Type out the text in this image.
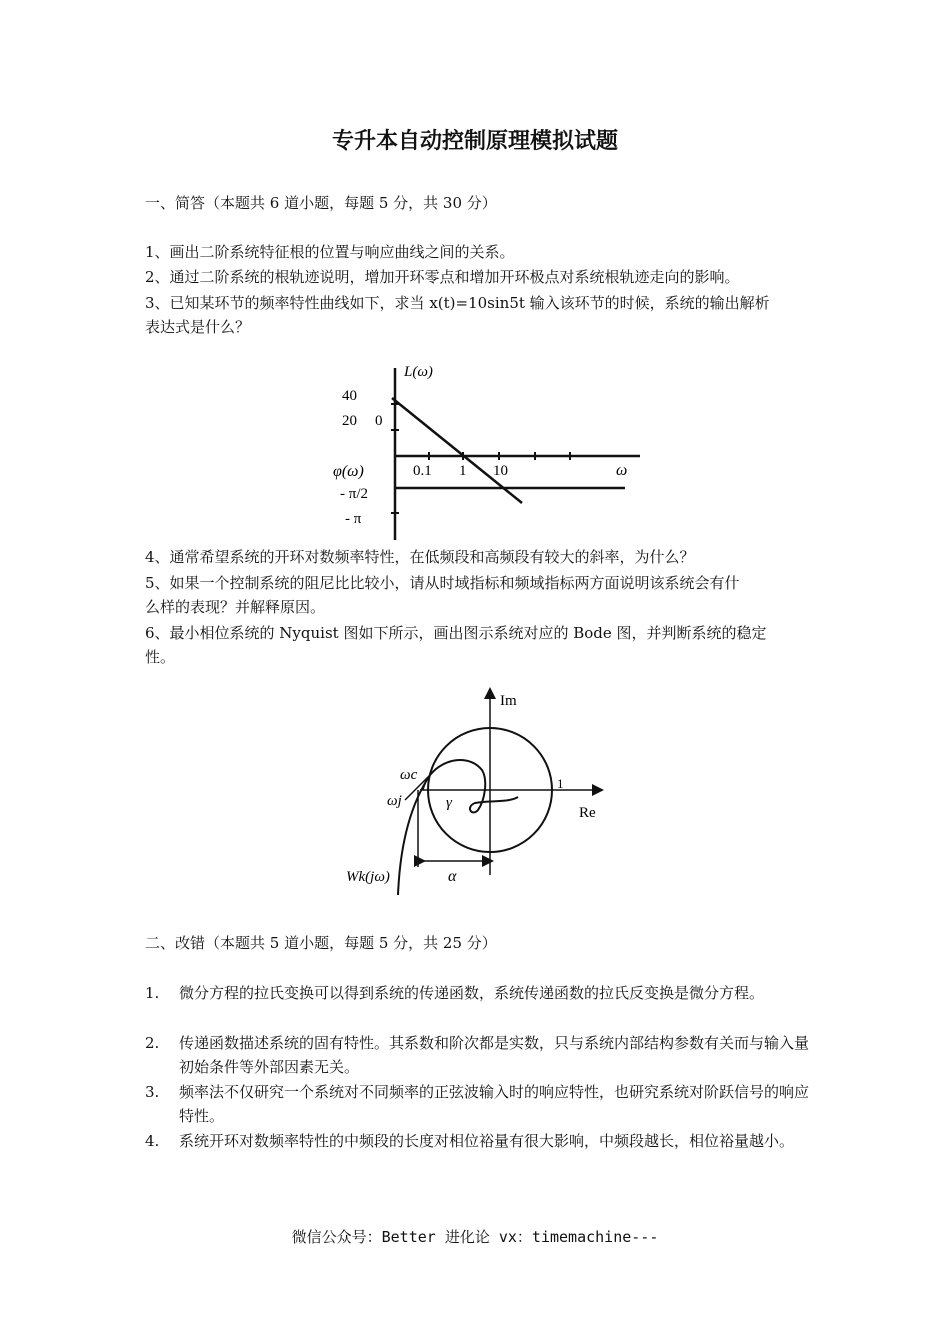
专升本自动控制原理模拟试题
一、简答（本题共 6 道小题，每题 5 分，共 30 分）
1、画出二阶系统特征根的位置与响应曲线之间的关系。
2、通过二阶系统的根轨迹说明，增加开环零点和增加开环极点对系统根轨迹走向的影响。
3、已知某环节的频率特性曲线如下，求当 x(t)=10sin5t 输入该环节的时候，系统的输出解析
表达式是什么？
L(ω)
40
20 0
0.1 1 10	ω
φ(ω)
- π/2
- π
4、通常希望系统的开环对数频率特性，在低频段和高频段有较大的斜率，为什么？
5、如果一个控制系统的阻尼比比较小，请从时域指标和频域指标两方面说明该系统会有什
么样的表现？并解释原因。
6、最小相位系统的 Nyquist 图如下所示，画出图示系统对应的 Bode 图，并判断系统的稳定
性。
Im
Re
1
ωc
ωj	γ
α
Wk(jω)
二、改错（本题共 5 道小题，每题 5 分，共 25 分）
1. 微分方程的拉氏变换可以得到系统的传递函数，系统传递函数的拉氏反变换是微分方程。
2. 传递函数描述系统的固有特性。其系数和阶次都是实数，只与系统内部结构参数有关而与输入量初始条件等外部因素无关。
3. 频率法不仅研究一个系统对不同频率的正弦波输入时的响应特性，也研究系统对阶跃信号的响应特性。
4. 系统开环对数频率特性的中频段的长度对相位裕量有很大影响，中频段越长，相位裕量越小。
微信公众号：Better 进化论 vx：timemachine---
